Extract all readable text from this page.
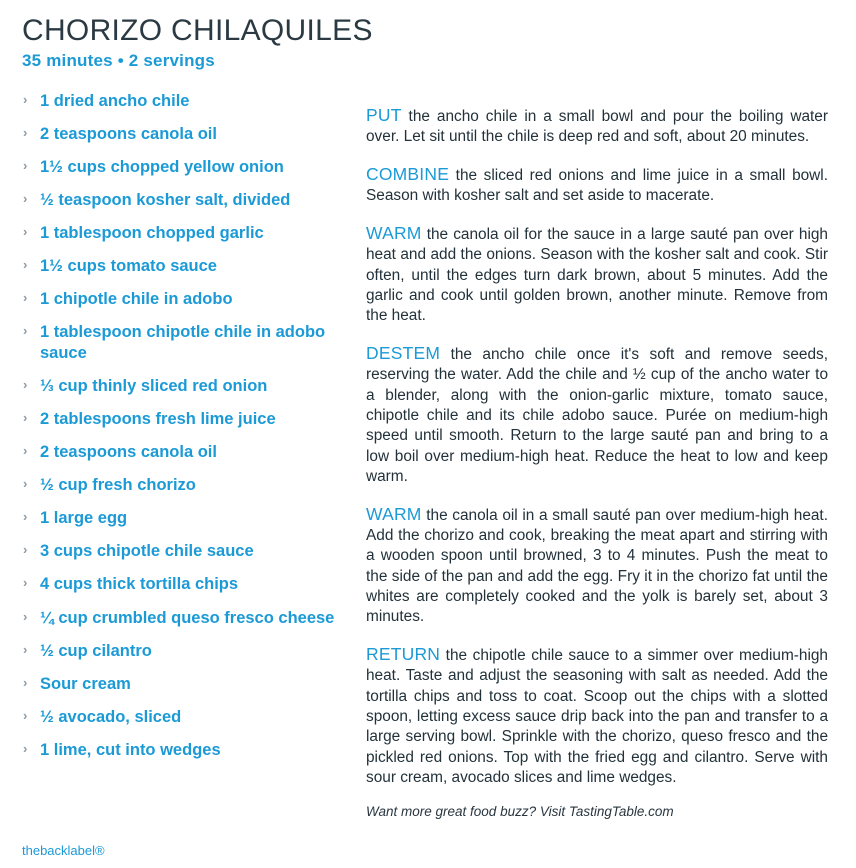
CHORIZO CHILAQUILES
35 minutes • 2 servings
› 1 dried ancho chile
› 2 teaspoons canola oil
› 1½ cups chopped yellow onion
› ½ teaspoon kosher salt, divided
› 1 tablespoon chopped garlic
› 1½ cups tomato sauce
› 1 chipotle chile in adobo
› 1 tablespoon chipotle chile in adobo sauce
› ⅓ cup thinly sliced red onion
› 2 tablespoons fresh lime juice
› 2 teaspoons canola oil
› ½ cup fresh chorizo
› 1 large egg
› 3 cups chipotle chile sauce
› 4 cups thick tortilla chips
› ¼ cup crumbled queso fresco cheese
› ½ cup cilantro
› Sour cream
› ½ avocado, sliced
› 1 lime, cut into wedges

PUT the ancho chile in a small bowl and pour the boiling water over. Let sit until the chile is deep red and soft, about 20 minutes.

COMBINE the sliced red onions and lime juice in a small bowl. Season with kosher salt and set aside to macerate.

WARM the canola oil for the sauce in a large sauté pan over high heat and add the onions. Season with the kosher salt and cook. Stir often, until the edges turn dark brown, about 5 minutes. Add the garlic and cook until golden brown, another minute. Remove from the heat.

DESTEM the ancho chile once it's soft and remove seeds, reserving the water. Add the chile and ½ cup of the ancho water to a blender, along with the onion-garlic mixture, tomato sauce, chipotle chile and its chile adobo sauce. Purée on medium-high speed until smooth. Return to the large sauté pan and bring to a low boil over medium-high heat. Reduce the heat to low and keep warm.

WARM the canola oil in a small sauté pan over medium-high heat. Add the chorizo and cook, breaking the meat apart and stirring with a wooden spoon until browned, 3 to 4 minutes. Push the meat to the side of the pan and add the egg. Fry it in the chorizo fat until the whites are completely cooked and the yolk is barely set, about 3 minutes.

RETURN the chipotle chile sauce to a simmer over medium-high heat. Taste and adjust the seasoning with salt as needed. Add the tortilla chips and toss to coat. Scoop out the chips with a slotted spoon, letting excess sauce drip back into the pan and transfer to a large serving bowl. Sprinkle with the chorizo, queso fresco and the pickled red onions. Top with the fried egg and cilantro. Serve with sour cream, avocado slices and lime wedges.

Want more great food buzz? Visit TastingTable.com
thebacklabel®
